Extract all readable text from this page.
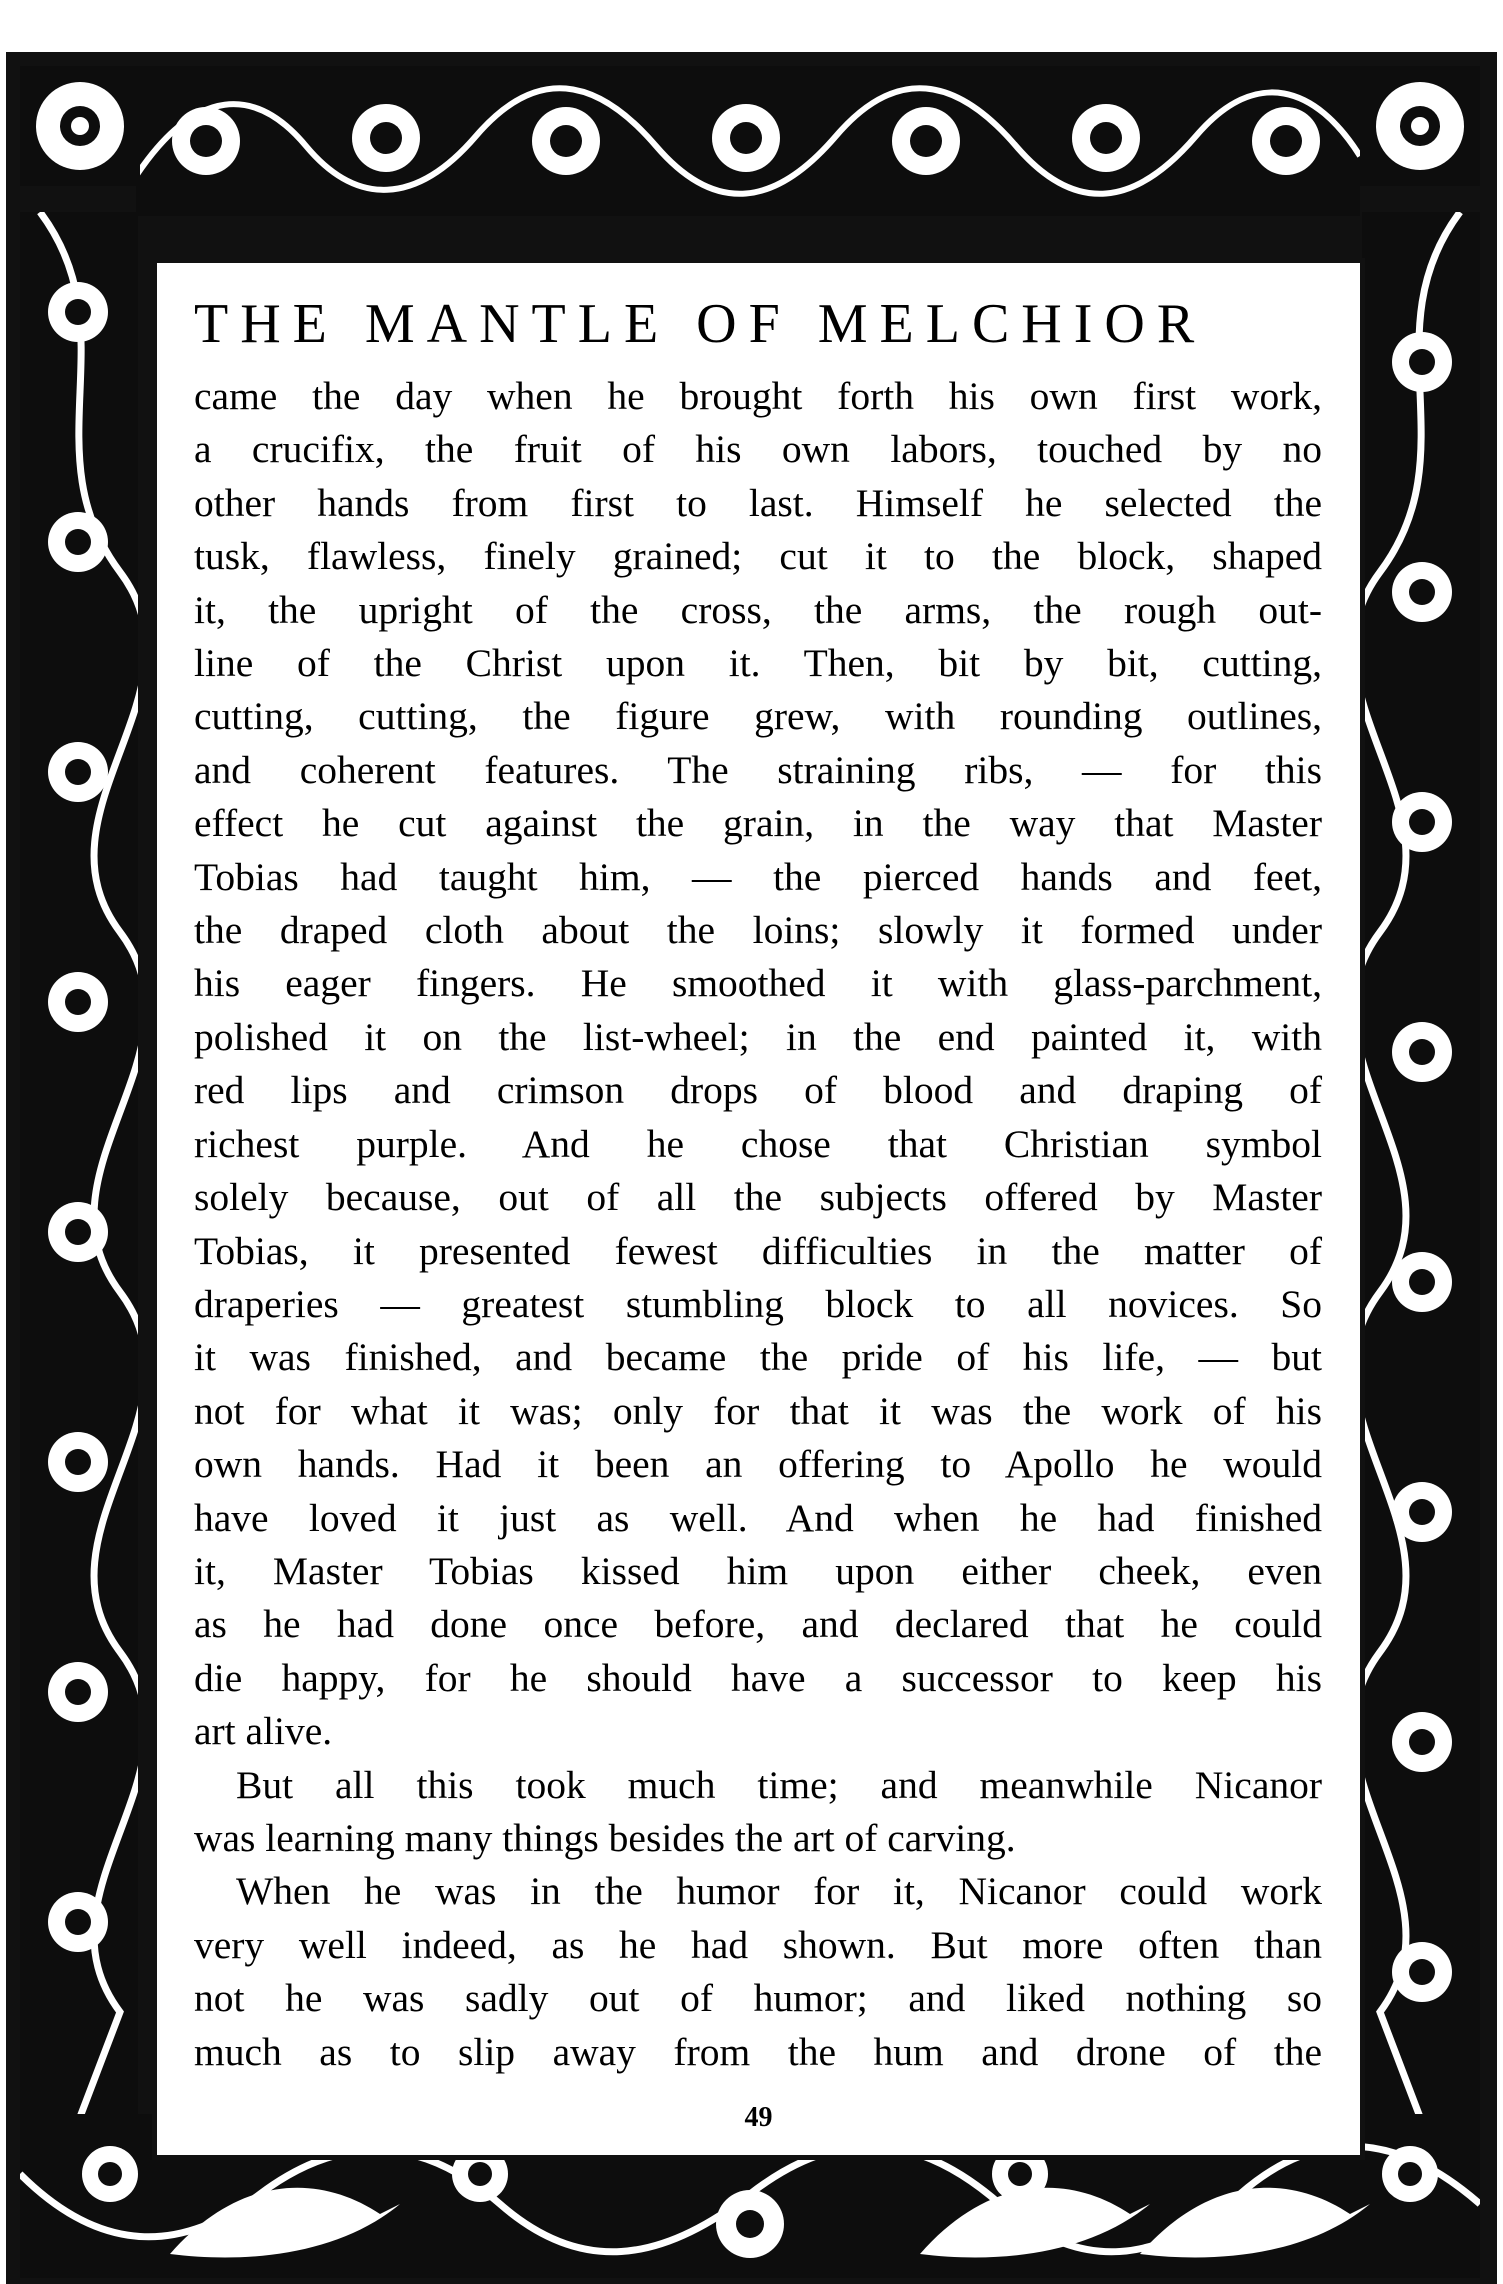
THE MANTLE OF MELCHIOR
came the day when he brought forth his own first work,
a crucifix, the fruit of his own labors, touched by no
other hands from first to last. Himself he selected the
tusk, flawless, finely grained; cut it to the block, shaped
it, the upright of the cross, the arms, the rough out-
line of the Christ upon it. Then, bit by bit, cutting,
cutting, cutting, the figure grew, with rounding outlines,
and coherent features. The straining ribs, — for this
effect he cut against the grain, in the way that Master
Tobias had taught him, — the pierced hands and feet,
the draped cloth about the loins; slowly it formed under
his eager fingers. He smoothed it with glass-parchment,
polished it on the list-wheel; in the end painted it, with
red lips and crimson drops of blood and draping of
richest purple. And he chose that Christian symbol
solely because, out of all the subjects offered by Master
Tobias, it presented fewest difficulties in the matter of
draperies — greatest stumbling block to all novices. So
it was finished, and became the pride of his life, — but
not for what it was; only for that it was the work of his
own hands. Had it been an offering to Apollo he would
have loved it just as well. And when he had finished
it, Master Tobias kissed him upon either cheek, even
as he had done once before, and declared that he could
die happy, for he should have a successor to keep his
art alive.
But all this took much time; and meanwhile Nicanor
was learning many things besides the art of carving.
When he was in the humor for it, Nicanor could work
very well indeed, as he had shown. But more often than
not he was sadly out of humor; and liked nothing so
much as to slip away from the hum and drone of the
49
